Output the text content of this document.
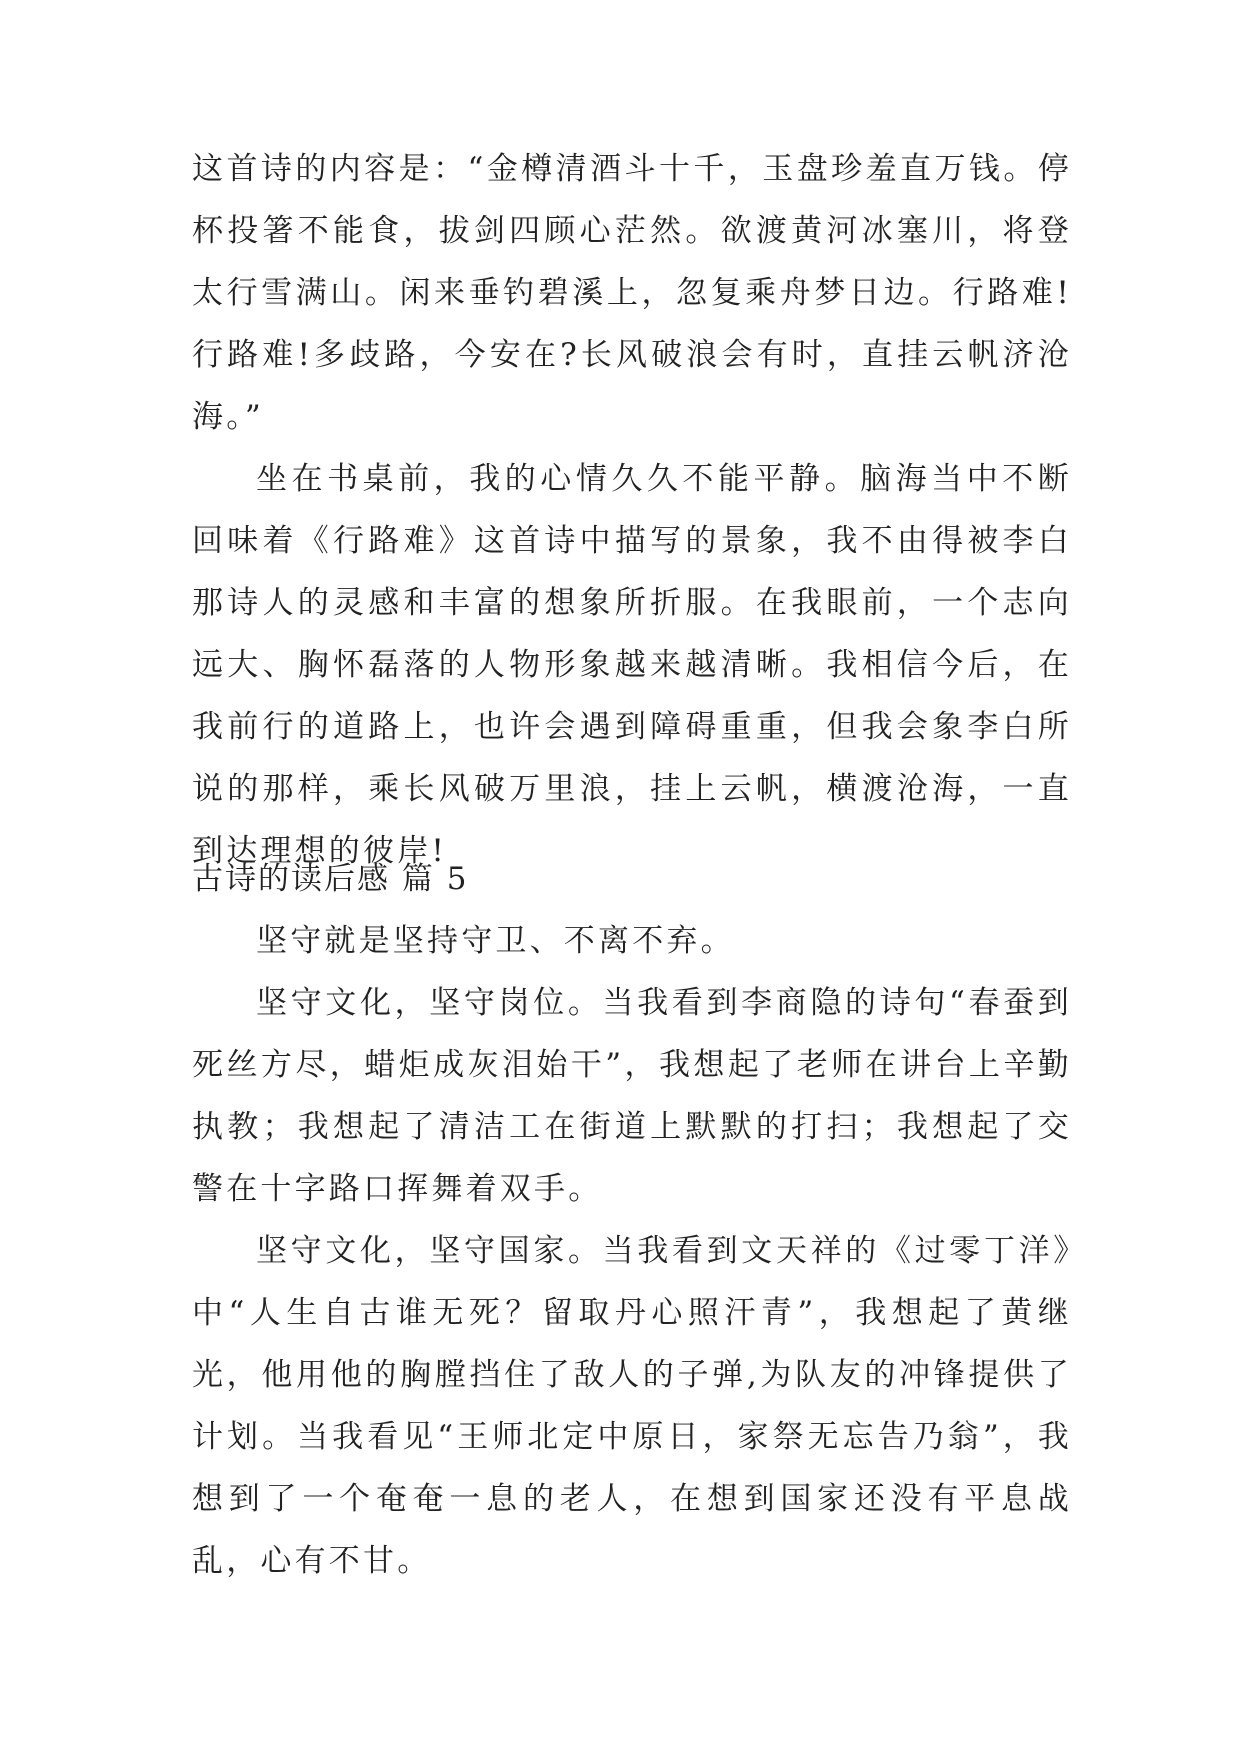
这首诗的内容是：“金樽清酒斗十千，玉盘珍羞直万钱。停杯投箸不能食，拔剑四顾心茫然。欲渡黄河冰塞川，将登太行雪满山。闲来垂钓碧溪上，忽复乘舟梦日边。行路难!行路难!多歧路，今安在?长风破浪会有时，直挂云帆济沧海。”

坐在书桌前，我的心情久久不能平静。脑海当中不断回味着《行路难》这首诗中描写的景象，我不由得被李白那诗人的灵感和丰富的想象所折服。在我眼前，一个志向远大、胸怀磊落的人物形象越来越清晰。我相信今后，在我前行的道路上，也许会遇到障碍重重，但我会象李白所说的那样，乘长风破万里浪，挂上云帆，横渡沧海，一直到达理想的彼岸!

古诗的读后感 篇 5

坚守就是坚持守卫、不离不弃。

坚守文化，坚守岗位。当我看到李商隐的诗句“春蚕到死丝方尽，蜡炬成灰泪始干”，我想起了老师在讲台上辛勤执教；我想起了清洁工在街道上默默的打扫；我想起了交警在十字路口挥舞着双手。

坚守文化，坚守国家。当我看到文天祥的《过零丁洋》中“人生自古谁无死？留取丹心照汗青”，我想起了黄继光，他用他的胸膛挡住了敌人的子弹,为队友的冲锋提供了计划。当我看见“王师北定中原日，家祭无忘告乃翁”，我想到了一个奄奄一息的老人，在想到国家还没有平息战乱，心有不甘。
